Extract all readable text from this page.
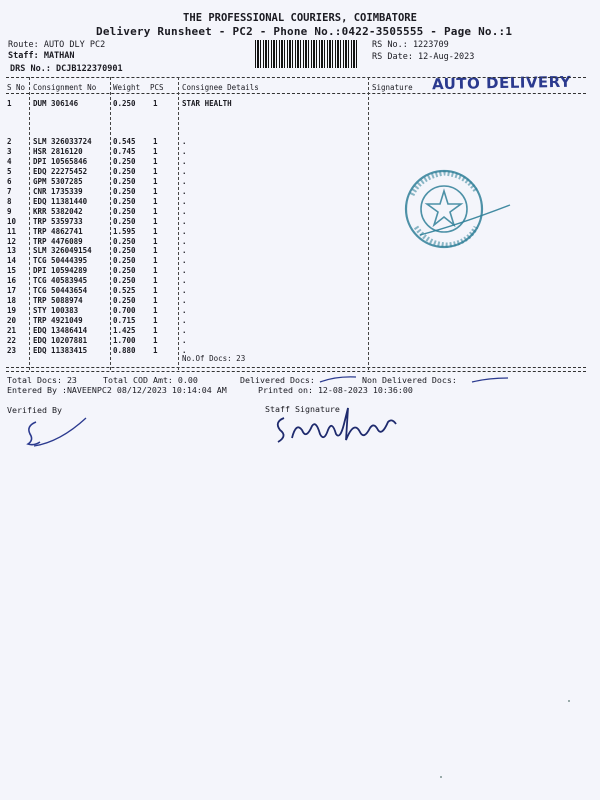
THE PROFESSIONAL COURIERS, COIMBATORE
Delivery Runsheet - PC2 - Phone No.:0422-3505555 - Page No.:1
Route: AUTO DLY PC2
Staff: MATHAN
DRS No.: DCJB122370901
RS No.: 1223709
RS Date: 12-Aug-2023
AUTO DELIVERY
S No Consignment No Weight PCS Consignee Details	Signature
1	DUM 306146	0.250 1	STAR HEALTH
2	SLM 326033724	0.545 1	.
3	HSR 2816120	0.745 1	.
4	DPI 10565846	0.250 1	.
5	EDQ 22275452	0.250 1	.
6	GPM 5307285	0.250 1	.
7	CNR 1735339	0.250 1	.
8	EDQ 11381440	0.250 1	.
9	KRR 5382042	0.250 1	.
10 TRP 5359733	0.250 1	.
11 TRP 4862741	1.595 1	.
12 TRP 4476089	0.250 1	.
13 SLM 326049154	0.250 1	.
14 TCG 50444395	0.250 1	.
15 DPI 10594289	0.250 1	.
16 TCG 40583945	0.250 1	.
17 TCG 50443654	0.525 1	.
18 TRP 5088974	0.250 1	.
19 STY 100383	0.700 1	.
20 TRP 4921049	0.715 1	.
21 EDQ 13486414	1.425 1	.
22 EDQ 10207881	1.700 1	.
23 EDQ 11383415	0.880 1	.
No.Of Docs: 23
Total Docs: 23	Total COD Amt: 0.00	Delivered Docs:	Non Delivered Docs:
Entered By :NAVEENPC2 08/12/2023 10:14:04 AM	Printed on: 12-08-2023 10:36:00
Verified By	Staff Signature
